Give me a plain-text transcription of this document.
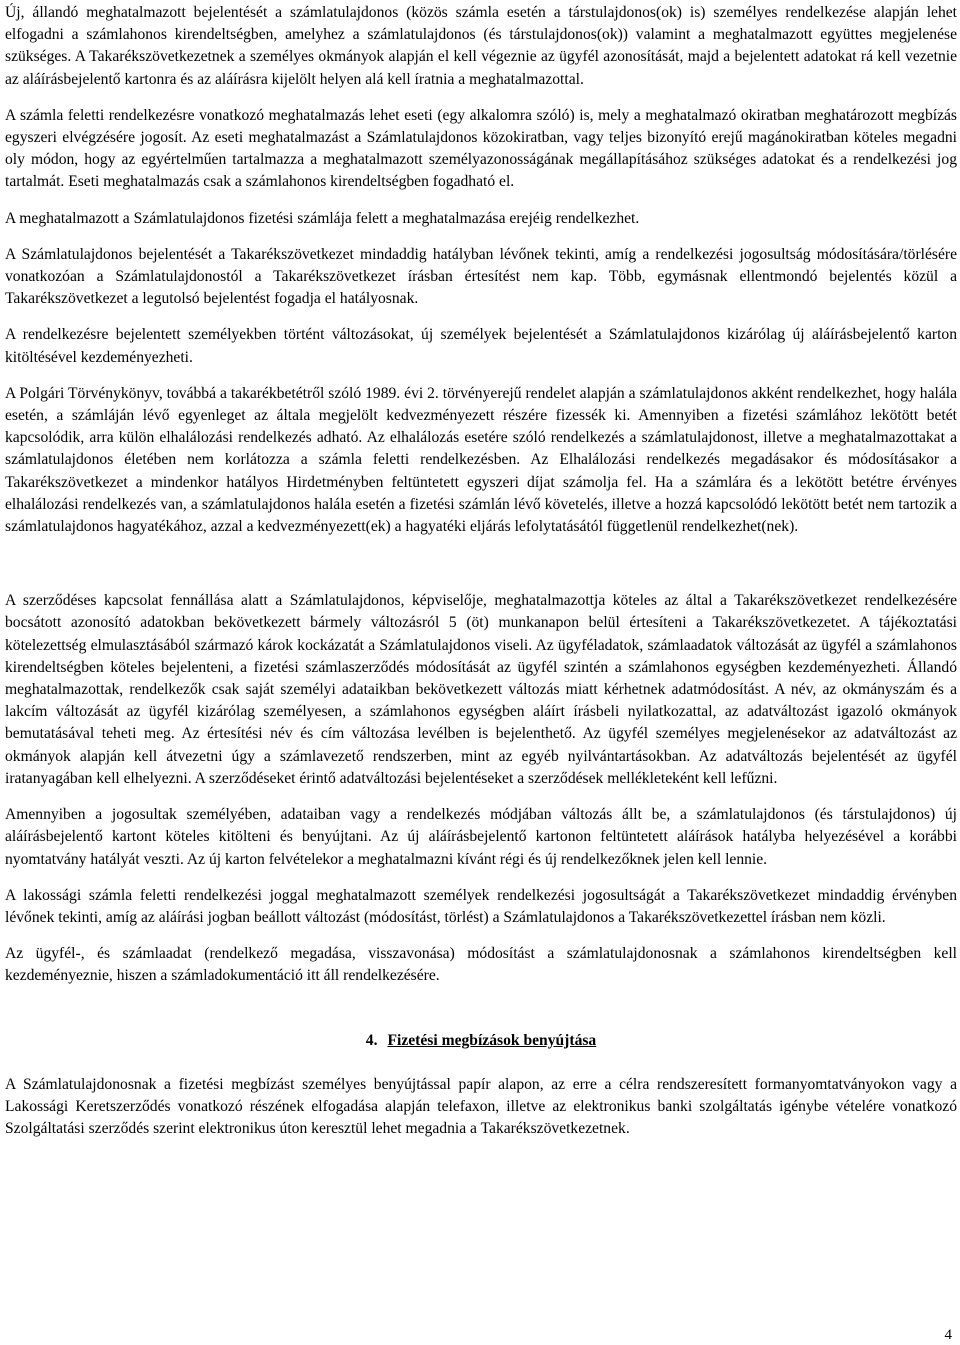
Új, állandó meghatalmazott bejelentését a számlatulajdonos (közös számla esetén a társtulajdonos(ok) is) személyes rendelkezése alapján lehet elfogadni a számlahonos kirendeltségben, amelyhez a számlatulajdonos (és társtulajdonos(ok)) valamint a meghatalmazott együttes megjelenése szükséges. A Takarékszövetkezetnek a személyes okmányok alapján el kell végeznie az ügyfél azonosítását, majd a bejelentett adatokat rá kell vezetnie az aláírásbejelentő kartonra és az aláírásra kijelölt helyen alá kell íratnia a meghatalmazottal.

A számla feletti rendelkezésre vonatkozó meghatalmazás lehet eseti (egy alkalomra szóló) is, mely a meghatalmazó okiratban meghatározott megbízás egyszeri elvégzésére jogosít. Az eseti meghatalmazást a Számlatulajdonos közokiratban, vagy teljes bizonyító erejű magánokiratban köteles megadni oly módon, hogy az egyértelműen tartalmazza a meghatalmazott személyazonosságának megállapításához szükséges adatokat és a rendelkezési jog tartalmát. Eseti meghatalmazás csak a számlahonos kirendeltségben fogadható el.

A meghatalmazott a Számlatulajdonos fizetési számlája felett a meghatalmazása erejéig rendelkezhet.

A Számlatulajdonos bejelentését a Takarékszövetkezet mindaddig hatályban lévőnek tekinti, amíg a rendelkezési jogosultság módosítására/törlésére vonatkozóan a Számlatulajdonostól a Takarékszövetkezet írásban értesítést nem kap. Több, egymásnak ellentmondó bejelentés közül a Takarékszövetkezet a legutolsó bejelentést fogadja el hatályosnak.

A rendelkezésre bejelentett személyekben történt változásokat, új személyek bejelentését a Számlatulajdonos kizárólag új aláírásbejelentő karton kitöltésével kezdeményezheti.

A Polgári Törvénykönyv, továbbá a takarékbetétről szóló 1989. évi 2. törvényerejű rendelet alapján a számlatulajdonos akként rendelkezhet, hogy halála esetén, a számláján lévő egyenleget az általa megjelölt kedvezményezett részére fizessék ki. Amennyiben a fizetési számlához lekötött betét kapcsolódik, arra külön elhalálozási rendelkezés adható. Az elhalálozás esetére szóló rendelkezés a számlatulajdonost, illetve a meghatalmazottakat a számlatulajdonos életében nem korlátozza a számla feletti rendelkezésben. Az Elhalálozási rendelkezés megadásakor és módosításakor a Takarékszövetkezet a mindenkor hatályos Hirdetményben feltüntetett egyszeri díjat számolja fel. Ha a számlára és a lekötött betétre érvényes elhalálozási rendelkezés van, a számlatulajdonos halála esetén a fizetési számlán lévő követelés, illetve a hozzá kapcsolódó lekötött betét nem tartozik a számlatulajdonos hagyatékához, azzal a kedvezményezett(ek) a hagyatéki eljárás lefolytatásától függetlenül rendelkezhet(nek).

A szerződéses kapcsolat fennállása alatt a Számlatulajdonos, képviselője, meghatalmazottja köteles az által a Takarékszövetkezet rendelkezésére bocsátott azonosító adatokban bekövetkezett bármely változásról 5 (öt) munkanapon belül értesíteni a Takarékszövetkezetet. A tájékoztatási kötelezettség elmulasztásából származó károk kockázatát a Számlatulajdonos viseli. Az ügyféladatok, számlaadatok változását az ügyfél a számlahonos kirendeltségben köteles bejelenteni, a fizetési számlaszerződés módosítását az ügyfél szintén a számlahonos egységben kezdeményezheti. Állandó meghatalmazottak, rendelkezők csak saját személyi adataikban bekövetkezett változás miatt kérhetnek adatmódosítást. A név, az okmányszám és a lakcím változását az ügyfél kizárólag személyesen, a számlahonos egységben aláírt írásbeli nyilatkozattal, az adatváltozást igazoló okmányok bemutatásával teheti meg. Az értesítési név és cím változása levélben is bejelenthető. Az ügyfél személyes megjelenésekor az adatváltozást az okmányok alapján kell átvezetni úgy a számlavezető rendszerben, mint az egyéb nyilvántartásokban. Az adatváltozás bejelentését az ügyfél iratanyagában kell elhelyezni. A szerződéseket érintő adatváltozási bejelentéseket a szerződések mellékleteként kell lefűzni.

Amennyiben a jogosultak személyében, adataiban vagy a rendelkezés módjában változás állt be, a számlatulajdonos (és társtulajdonos) új aláírásbejelentő kartont köteles kitölteni és benyújtani. Az új aláírásbejelentő kartonon feltüntetett aláírások hatályba helyezésével a korábbi nyomtatvány hatályát veszti. Az új karton felvételekor a meghatalmazni kívánt régi és új rendelkezőknek jelen kell lennie.

A lakossági számla feletti rendelkezési joggal meghatalmazott személyek rendelkezési jogosultságát a Takarékszövetkezet mindaddig érvényben lévőnek tekinti, amíg az aláírási jogban beállott változást (módosítást, törlést) a Számlatulajdonos a Takarékszövetkezettel írásban nem közli.

Az ügyfél-, és számlaadat (rendelkező megadása, visszavonása) módosítást a számlatulajdonosnak a számlahonos kirendeltségben kell kezdeményeznie, hiszen a számladokumentáció itt áll rendelkezésére.

4. Fizetési megbízások benyújtása

A Számlatulajdonosnak a fizetési megbízást személyes benyújtással papír alapon, az erre a célra rendszeresített formanyomtatványokon vagy a Lakossági Keretszerződés vonatkozó részének elfogadása alapján telefaxon, illetve az elektronikus banki szolgáltatás igénybe vételére vonatkozó Szolgáltatási szerződés szerint elektronikus úton keresztül lehet megadnia a Takarékszövetkezetnek.

4
